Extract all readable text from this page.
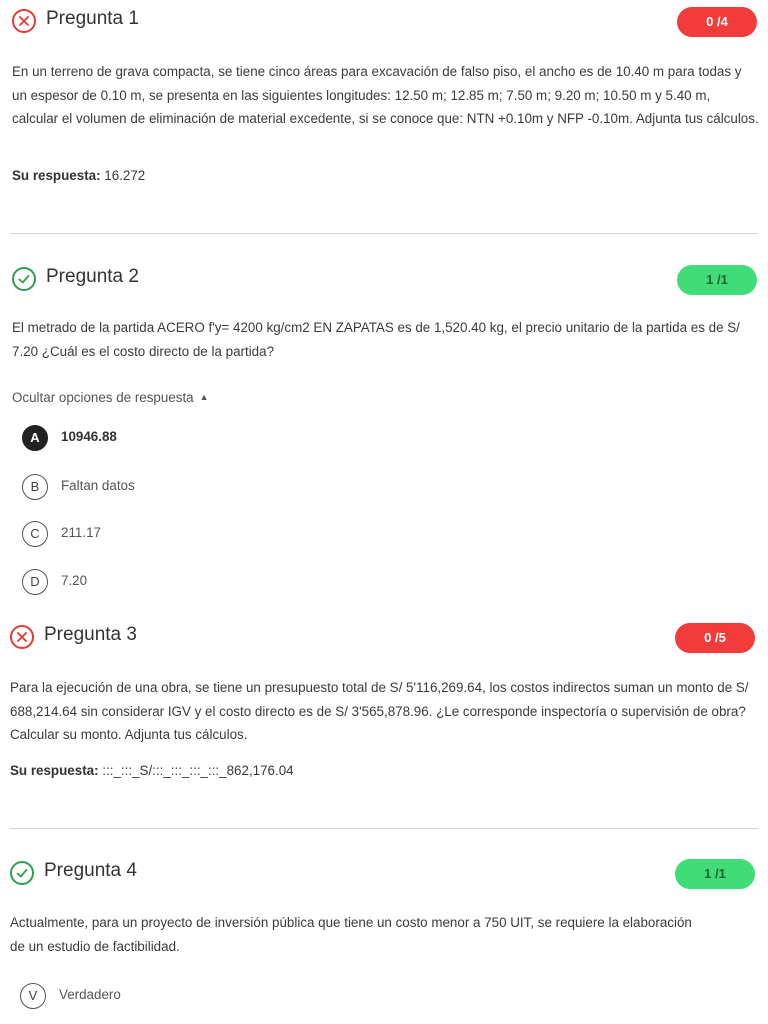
Pregunta 1	0 /4
En un terreno de grava compacta, se tiene cinco áreas para excavación de falso piso, el ancho es de 10.40 m para todas y un espesor de 0.10 m, se presenta en las siguientes longitudes: 12.50 m; 12.85 m; 7.50 m; 9.20 m; 10.50 m y 5.40 m, calcular el volumen de eliminación de material excedente, si se conoce que: NTN +0.10m y NFP -0.10m. Adjunta tus cálculos.
Su respuesta: 16.272
Pregunta 2	1 /1
El metrado de la partida ACERO f'y= 4200 kg/cm2 EN ZAPATAS es de 1,520.40 kg, el precio unitario de la partida es de S/ 7.20 ¿Cuál es el costo directo de la partida?
Ocultar opciones de respuesta ▲
A	10946.88
B	Faltan datos
C	211.17
D	7.20
Pregunta 3	0 /5
Para la ejecución de una obra, se tiene un presupuesto total de S/ 5'116,269.64, los costos indirectos suman un monto de S/ 688,214.64 sin considerar IGV y el costo directo es de S/ 3'565,878.96. ¿Le corresponde inspectoría o supervisión de obra? Calcular su monto. Adjunta tus cálculos.
Su respuesta: :::_:::_S/:::_:::_:::_:::_862,176.04
Pregunta 4	1 /1
Actualmente, para un proyecto de inversión pública que tiene un costo menor a 750 UIT, se requiere la elaboración de un estudio de factibilidad.
V	Verdadero
